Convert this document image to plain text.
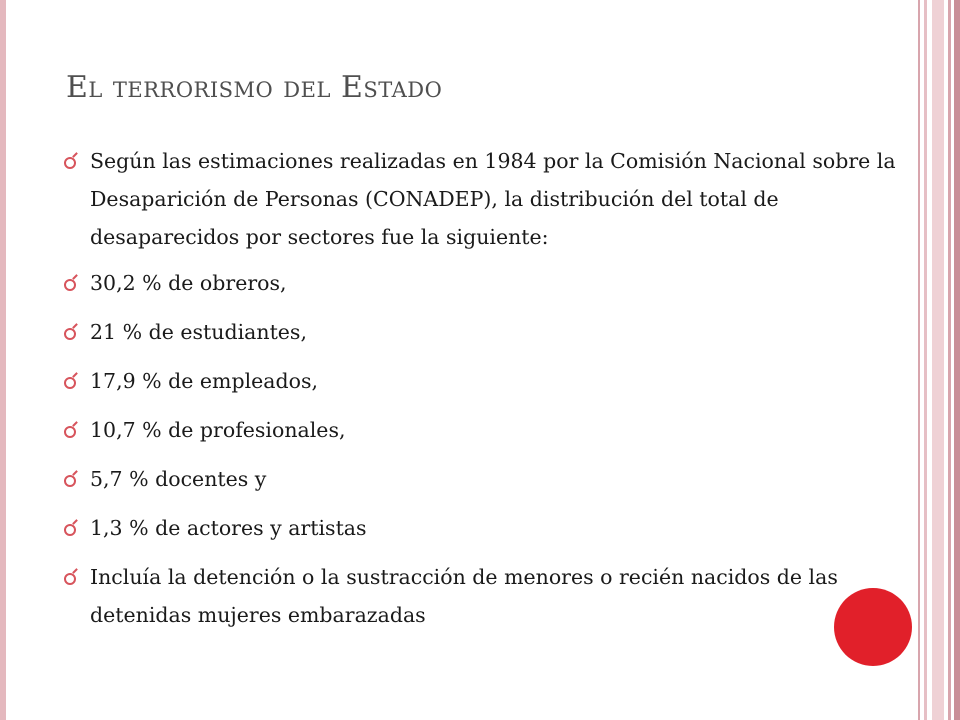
El terrorismo del Estado
Según las estimaciones realizadas en 1984 por la Comisión Nacional sobre la Desaparición de Personas (CONADEP), la distribución del total de desaparecidos por sectores fue la siguiente:
30,2 % de obreros,
21 % de estudiantes,
17,9 % de empleados,
10,7 % de profesionales,
5,7 % docentes y
1,3 % de actores y artistas
Incluía la detención o la sustracción de menores o recién nacidos de las detenidas mujeres embarazadas
